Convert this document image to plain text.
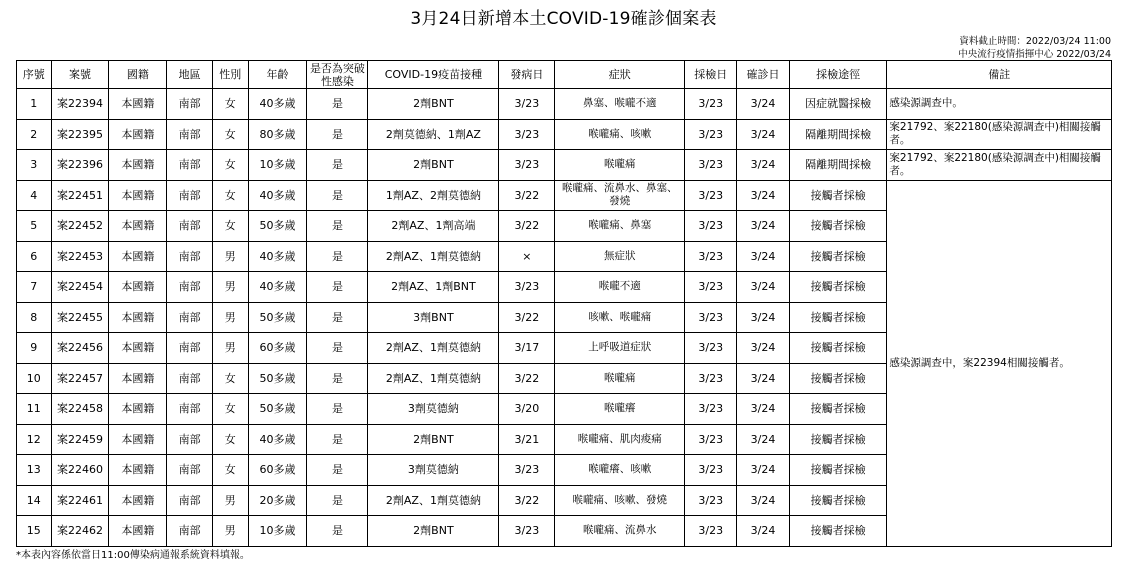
3月24日新增本土COVID-19確診個案表
資料截止時間：2022/03/24 11:00
中央流行疫情指揮中心 2022/03/24
序號	案號	國籍	地區	性別	年齡	是否為突破性感染	COVID-19疫苗接種	發病日	症狀	採檢日	確診日	採檢途徑	備註
1	案22394	本國籍	南部	女	40多歲	是	2劑BNT	3/23	鼻塞、喉嚨不適	3/23	3/24	因症就醫採檢	感染源調查中。
2	案22395	本國籍	南部	女	80多歲	是	2劑莫德納、1劑AZ	3/23	喉嚨痛、咳嗽	3/23	3/24	隔離期間採檢	案21792、案22180(感染源調查中)相關接觸者。
3	案22396	本國籍	南部	女	10多歲	是	2劑BNT	3/23	喉嚨痛	3/23	3/24	隔離期間採檢	案21792、案22180(感染源調查中)相關接觸者。
4	案22451	本國籍	南部	女	40多歲	是	1劑AZ、2劑莫德納	3/22	喉嚨痛、流鼻水、鼻塞、發燒	3/23	3/24	接觸者採檢	感染源調查中，案22394相關接觸者。
5	案22452	本國籍	南部	女	50多歲	是	2劑AZ、1劑高端	3/22	喉嚨痛、鼻塞	3/23	3/24	接觸者採檢	
6	案22453	本國籍	南部	男	40多歲	是	2劑AZ、1劑莫德納	×	無症狀	3/23	3/24	接觸者採檢	
7	案22454	本國籍	南部	男	40多歲	是	2劑AZ、1劑BNT	3/23	喉嚨不適	3/23	3/24	接觸者採檢	
8	案22455	本國籍	南部	男	50多歲	是	3劑BNT	3/22	咳嗽、喉嚨痛	3/23	3/24	接觸者採檢	
9	案22456	本國籍	南部	男	60多歲	是	2劑AZ、1劑莫德納	3/17	上呼吸道症狀	3/23	3/24	接觸者採檢	
10	案22457	本國籍	南部	女	50多歲	是	2劑AZ、1劑莫德納	3/22	喉嚨痛	3/23	3/24	接觸者採檢	
11	案22458	本國籍	南部	女	50多歲	是	3劑莫德納	3/20	喉嚨癢	3/23	3/24	接觸者採檢	
12	案22459	本國籍	南部	女	40多歲	是	2劑BNT	3/21	喉嚨痛、肌肉痠痛	3/23	3/24	接觸者採檢	
13	案22460	本國籍	南部	女	60多歲	是	3劑莫德納	3/23	喉嚨癢、咳嗽	3/23	3/24	接觸者採檢	
14	案22461	本國籍	南部	男	20多歲	是	2劑AZ、1劑莫德納	3/22	喉嚨痛、咳嗽、發燒	3/23	3/24	接觸者採檢	
15	案22462	本國籍	南部	男	10多歲	是	2劑BNT	3/23	喉嚨痛、流鼻水	3/23	3/24	接觸者採檢	
*本表內容係依當日11:00傳染病通報系統資料填報。
